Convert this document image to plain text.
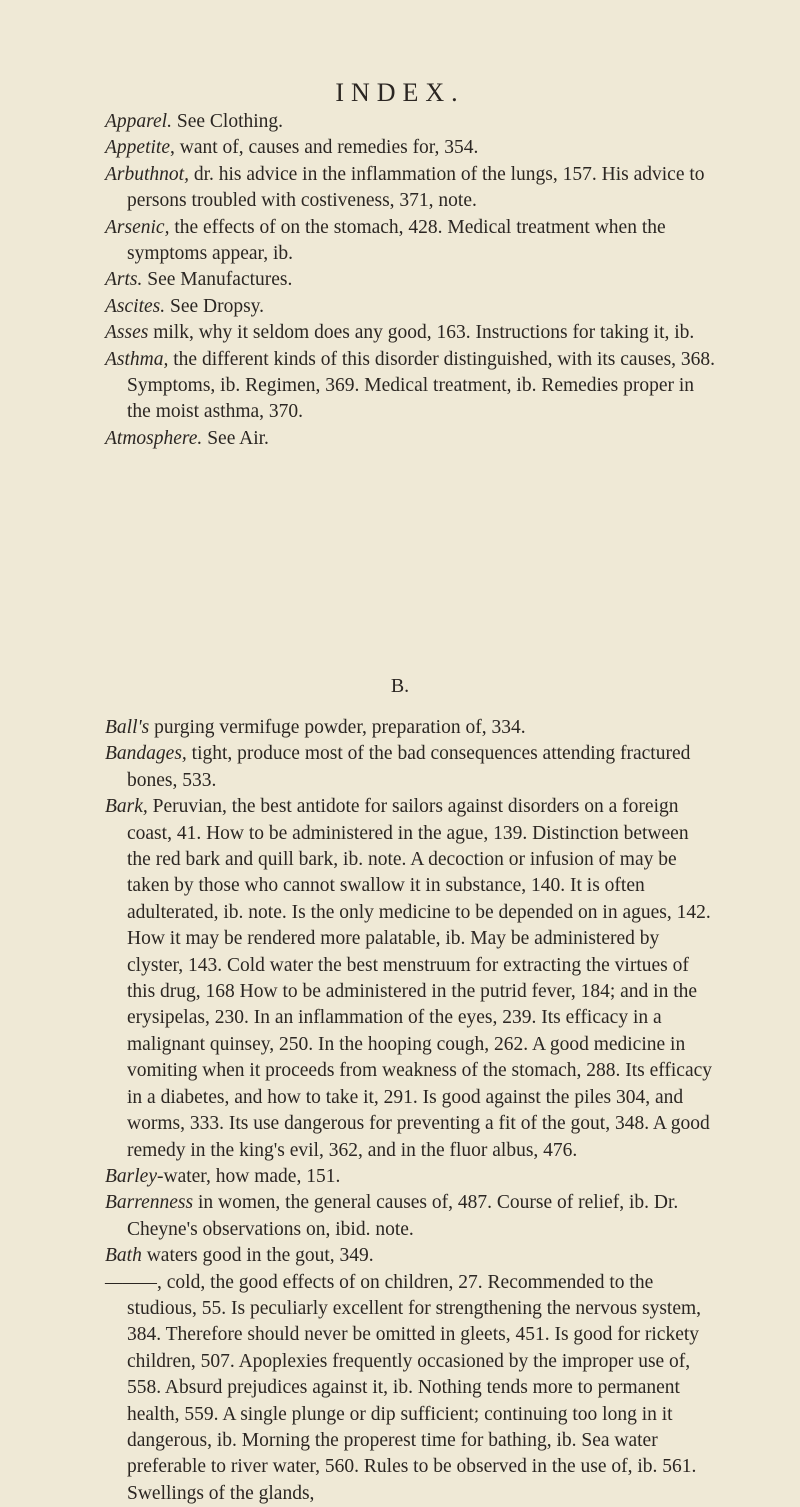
INDEX.

Apparel. See Clothing.

Appetite, want of, causes and remedies for, 354.

Arbuthnot, dr. his advice in the inflammation of the lungs, 157. His advice to persons troubled with costiveness, 371, note.

Arsenic, the effects of on the stomach, 428. Medical treatment when the symptoms appear, ib.

Arts. See Manufactures.

Ascites. See Dropsy.

Asses milk, why it seldom does any good, 163. Instructions for taking it, ib.

Asthma, the different kinds of this disorder distinguished, with its causes, 368. Symptoms, ib. Regimen, 369. Medical treatment, ib. Remedies proper in the moist asthma, 370.

Atmosphere. See Air.

B.

Ball's purging vermifuge powder, preparation of, 334.

Bandages, tight, produce most of the bad consequences attending fractured bones, 533.

Bark, Peruvian, the best antidote for sailors against disorders on a foreign coast, 41. How to be administered in the ague, 139. Distinction between the red bark and quill bark, ib. note. A decoction or infusion of may be taken by those who cannot swallow it in substance, 140. It is often adulterated, ib. note. Is the only medicine to be depended on in agues, 142. How it may be rendered more palatable, ib. May be administered by clyster, 143. Cold water the best menstruum for extracting the virtues of this drug, 168 How to be administered in the putrid fever, 184; and in the erysipelas, 230. In an inflammation of the eyes, 239. Its efficacy in a malignant quinsey, 250. In the hooping cough, 262. A good medicine in vomiting when it proceeds from weakness of the stomach, 288. Its efficacy in a diabetes, and how to take it, 291. Is good against the piles 304, and worms, 333. Its use dangerous for preventing a fit of the gout, 348. A good remedy in the king's evil, 362, and in the fluor albus, 476.

Barley-water, how made, 151.

Barrenness in women, the general causes of, 487. Course of relief, ib. Dr. Cheyne's observations on, ibid. note.

Bath waters good in the gout, 349.

———, cold, the good effects of on children, 27. Recommended to the studious, 55. Is peculiarly excellent for strengthening the nervous system, 384. Therefore should never be omitted in gleets, 451. Is good for rickety children, 507. Apoplexies frequently occasioned by the improper use of, 558. Absurd prejudices against it, ib. Nothing tends more to permanent health, 559. A single plunge or dip sufficient; continuing too long in it dangerous, ib. Morning the properest time for bathing, ib. Sea water preferable to river water, 560. Rules to be observed in the use of, ib. 561. Swellings of the glands,
